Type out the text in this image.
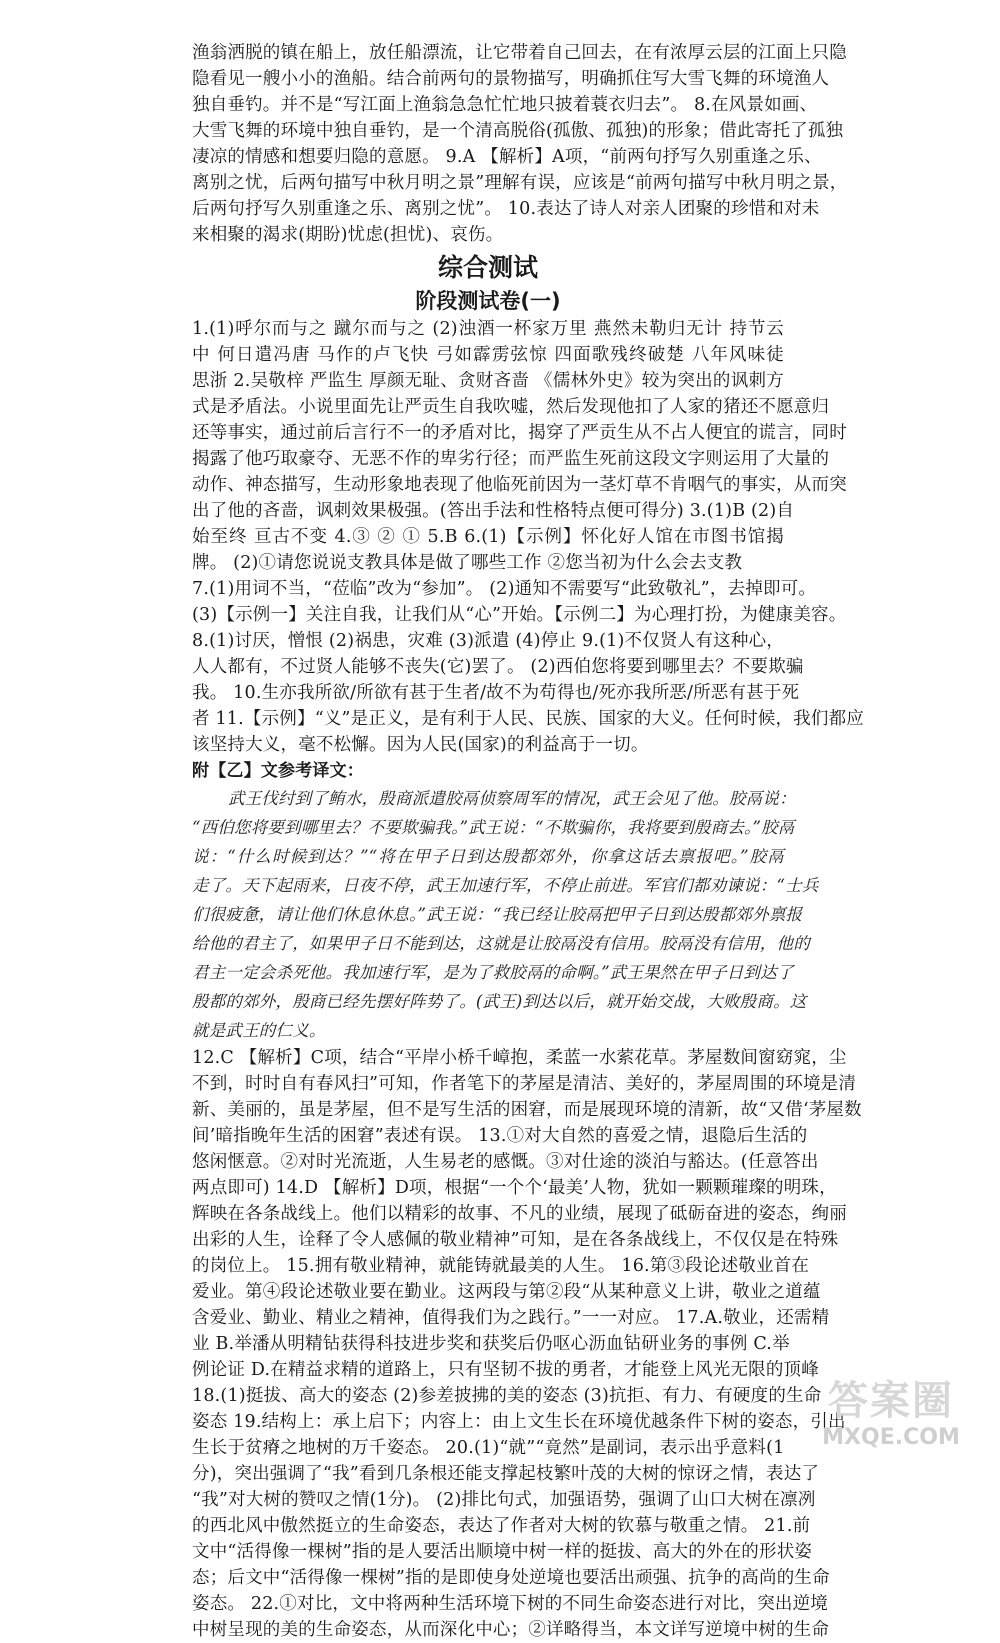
渔翁洒脱的镇在船上，放任船漂流，让它带着自己回去，在有浓厚云层的江面上只隐
隐看见一艘小小的渔船。结合前两句的景物描写，明确抓住写大雪飞舞的环境渔人
独自垂钓。并不是“写江面上渔翁急急忙忙地只披着蓑衣归去”。 8.在风景如画、
大雪飞舞的环境中独自垂钓，是一个清高脱俗(孤傲、孤独)的形象；借此寄托了孤独
凄凉的情感和想要归隐的意愿。 9.A 【解析】A项，“前两句抒写久别重逢之乐、
离别之忧，后两句描写中秋月明之景”理解有误，应该是“前两句描写中秋月明之景，
后两句抒写久别重逢之乐、离别之忧”。 10.表达了诗人对亲人团聚的珍惜和对未
来相聚的渴求(期盼)忧虑(担忧)、哀伤。
综合测试
阶段测试卷(一)
1.(1)呼尔而与之 蹴尔而与之 (2)浊酒一杯家万里 燕然未勒归无计 持节云
中 何日遣冯唐 马作的卢飞快 弓如霹雳弦惊 四面歌残终破楚 八年风味徒
思浙 2.吴敬梓 严监生 厚颜无耻、贪财吝啬 《儒林外史》较为突出的讽刺方
式是矛盾法。小说里面先让严贡生自我吹嘘，然后发现他扣了人家的猪还不愿意归
还等事实，通过前后言行不一的矛盾对比，揭穿了严贡生从不占人便宜的谎言，同时
揭露了他巧取豪夺、无恶不作的卑劣行径；而严监生死前这段文字则运用了大量的
动作、神态描写，生动形象地表现了他临死前因为一茎灯草不肯咽气的事实，从而突
出了他的吝啬，讽刺效果极强。(答出手法和性格特点便可得分) 3.(1)B (2)自
始至终 亘古不变 4.③ ② ① 5.B 6.(1)【示例】怀化好人馆在市图书馆揭
牌。 (2)①请您说说支教具体是做了哪些工作 ②您当初为什么会去支教
7.(1)用词不当，“莅临”改为“参加”。 (2)通知不需要写“此致敬礼”，去掉即可。
(3)【示例一】关注自我，让我们从“心”开始。【示例二】为心理打扮，为健康美容。
8.(1)讨厌，憎恨 (2)祸患，灾难 (3)派遣 (4)停止 9.(1)不仅贤人有这种心，
人人都有，不过贤人能够不丧失(它)罢了。 (2)西伯您将要到哪里去？不要欺骗
我。 10.生亦我所欲/所欲有甚于生者/故不为苟得也/死亦我所恶/所恶有甚于死
者 11.【示例】“义”是正义，是有利于人民、民族、国家的大义。任何时候，我们都应
该坚持大义，毫不松懈。因为人民(国家)的利益高于一切。
附【乙】文参考译文：
武王伐纣到了鲔水，殷商派遣胶鬲侦察周军的情况，武王会见了他。胶鬲说：
“西伯您将要到哪里去？不要欺骗我。”武王说：“不欺骗你，我将要到殷商去。”胶鬲
说：“什么时候到达？”“将在甲子日到达殷都郊外，你拿这话去禀报吧。”胶鬲
走了。天下起雨来，日夜不停，武王加速行军，不停止前进。军官们都劝谏说：“士兵
们很疲惫，请让他们休息休息。”武王说：“我已经让胶鬲把甲子日到达殷都郊外禀报
给他的君主了，如果甲子日不能到达，这就是让胶鬲没有信用。胶鬲没有信用，他的
君主一定会杀死他。我加速行军，是为了救胶鬲的命啊。”武王果然在甲子日到达了
殷都的郊外，殷商已经先摆好阵势了。(武王)到达以后，就开始交战，大败殷商。这
就是武王的仁义。
12.C 【解析】C项，结合“平岸小桥千嶂抱，柔蓝一水萦花草。茅屋数间窗窈窕，尘
不到，时时自有春风扫”可知，作者笔下的茅屋是清洁、美好的，茅屋周围的环境是清
新、美丽的，虽是茅屋，但不是写生活的困窘，而是展现环境的清新，故“又借‘茅屋数
间’暗指晚年生活的困窘”表述有误。 13.①对大自然的喜爱之情，退隐后生活的
悠闲惬意。②对时光流逝，人生易老的感慨。③对仕途的淡泊与豁达。(任意答出
两点即可) 14.D 【解析】D项，根据“一个个‘最美’人物，犹如一颗颗璀璨的明珠，
辉映在各条战线上。他们以精彩的故事、不凡的业绩，展现了砥砺奋进的姿态，绚丽
出彩的人生，诠释了令人感佩的敬业精神”可知，是在各条战线上，不仅仅是在特殊
的岗位上。 15.拥有敬业精神，就能铸就最美的人生。 16.第③段论述敬业首在
爱业。第④段论述敬业要在勤业。这两段与第②段“从某种意义上讲，敬业之道蕴
含爱业、勤业、精业之精神，值得我们为之践行。”一一对应。 17.A.敬业，还需精
业 B.举潘从明精钻获得科技进步奖和获奖后仍呕心沥血钻研业务的事例 C.举
例论证 D.在精益求精的道路上，只有坚韧不拔的勇者，才能登上风光无限的顶峰
18.(1)挺拔、高大的姿态 (2)参差披拂的美的姿态 (3)抗拒、有力、有硬度的生命
姿态 19.结构上：承上启下；内容上：由上文生长在环境优越条件下树的姿态，引出
生长于贫瘠之地树的万千姿态。 20.(1)“就”“竟然”是副词，表示出乎意料(1
分)，突出强调了“我”看到几条根还能支撑起枝繁叶茂的大树的惊讶之情，表达了
“我”对大树的赞叹之情(1分)。 (2)排比句式，加强语势，强调了山口大树在凛冽
的西北风中傲然挺立的生命姿态，表达了作者对大树的钦慕与敬重之情。 21.前
文中“活得像一棵树”指的是人要活出顺境中树一样的挺拔、高大的外在的形状姿
态；后文中“活得像一棵树”指的是即使身处逆境也要活出顽强、抗争的高尚的生命
姿态。 22.①对比，文中将两种生活环境下树的不同生命姿态进行对比，突出逆境
中树呈现的美的生命姿态，从而深化中心；②详略得当，本文详写逆境中树的生命
答案圈
MXQE.COM
